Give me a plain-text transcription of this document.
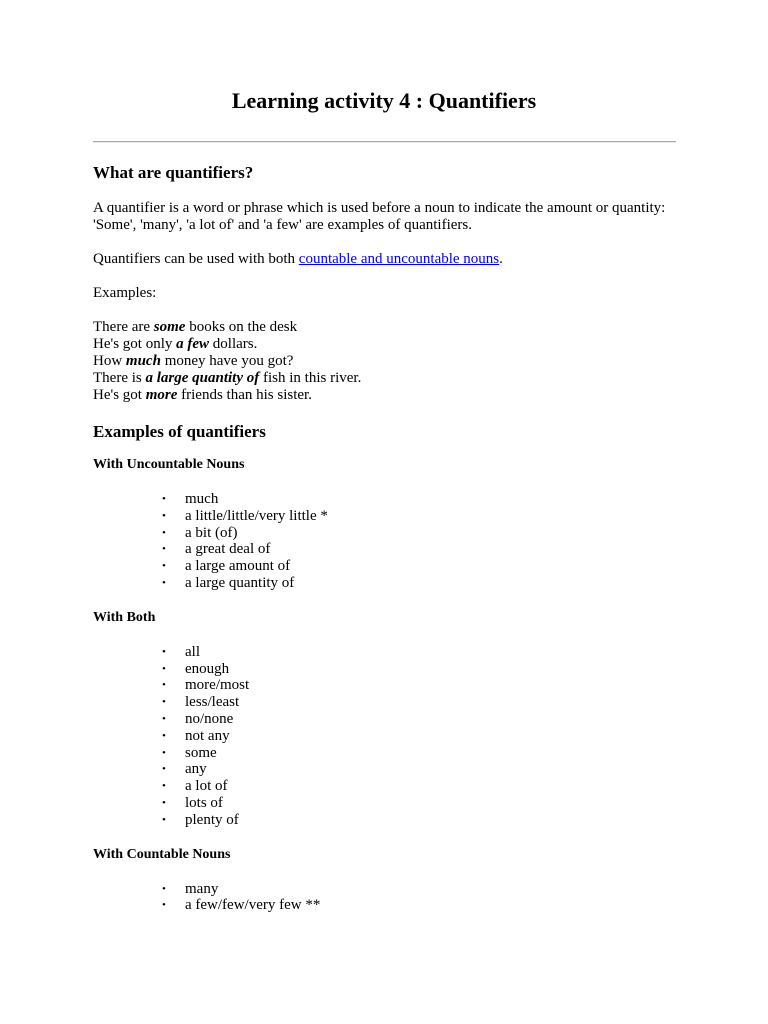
Learning activity 4 : Quantifiers
What are quantifiers?

A quantifier is a word or phrase which is used before a noun to indicate the amount or quantity:
'Some', 'many', 'a lot of' and 'a few' are examples of quantifiers.

Quantifiers can be used with both countable and uncountable nouns.

Examples:

There are some books on the desk

He's got only a few dollars.

How much money have you got?

There is a large quantity of fish in this river.

He's got more friends than his sister.

Examples of quantifiers
With Uncountable Nouns
• much
• a little/little/very little *
• a bit (of)
• a great deal of
• a large amount of
• a large quantity of
With Both
• all
• enough
• more/most
• less/least
• no/none
• not any
• some
• any
• a lot of
• lots of
• plenty of
With Countable Nouns
• many
• a few/few/very few **
